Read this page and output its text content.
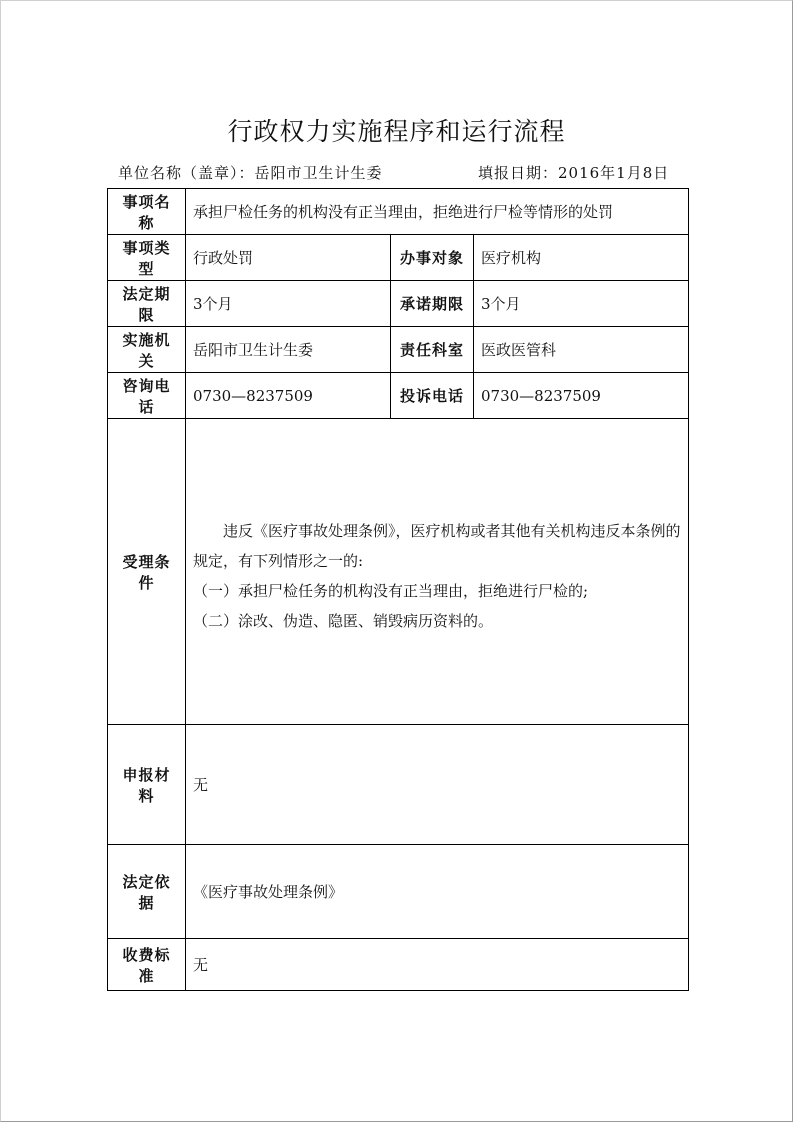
行政权力实施程序和运行流程
单位名称（盖章）：岳阳市卫生计生委	填报日期：2016年1月8日
事项名称	承担尸检任务的机构没有正当理由，拒绝进行尸检等情形的处罚		
事项类型	行政处罚	办事对象	医疗机构
法定期限	3个月	承诺期限	3个月
实施机关	岳阳市卫生计生委	责任科室	医政医管科
咨询电话	0730—8237509	投诉电话	0730—8237509
受理条件	违反《医疗事故处理条例》，医疗机构或者其他有关机构违反本条例的规定，有下列情形之一的:

（一）承担尸检任务的机构没有正当理由，拒绝进行尸检的;

（二）涂改、伪造、隐匿、销毁病历资料的。		

申报材料	无		
法定依据	《医疗事故处理条例》		
收费标准	无		
